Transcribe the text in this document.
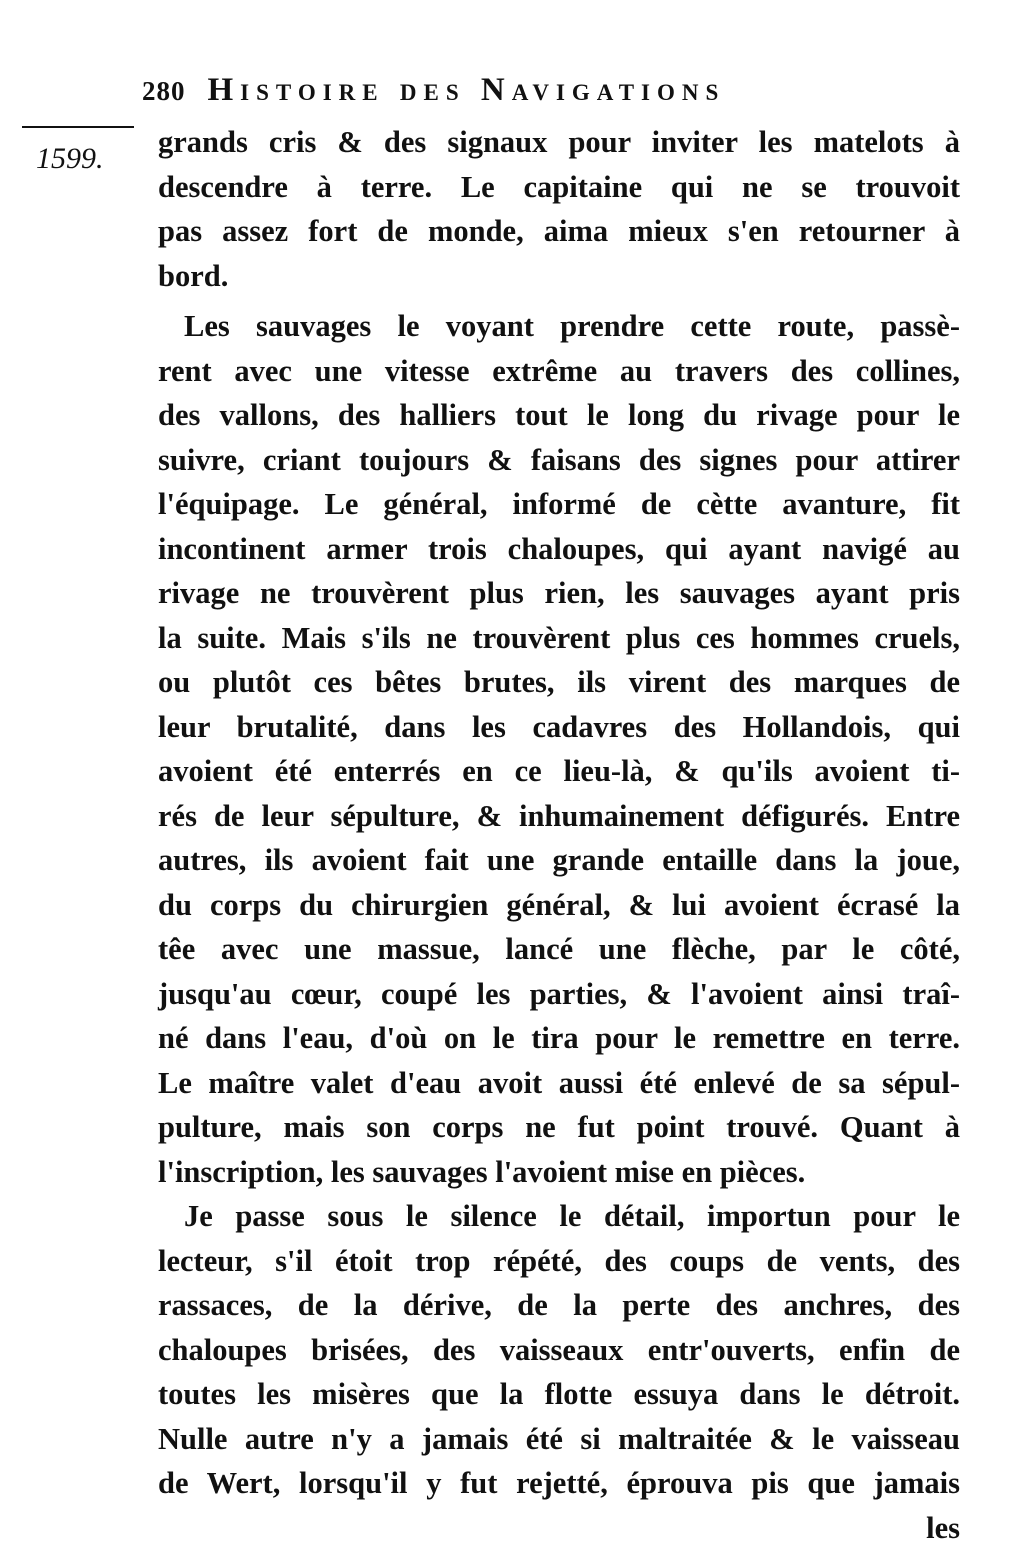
280 Histoire des Navigations
1599. grands cris & des signaux pour inviter les matelots à
descendre à terre. Le capitaine qui ne se trouvoit
pas assez fort de monde, aima mieux s'en retourner à
bord.
Les sauvages le voyant prendre cette route, passè-
rent avec une vitesse extrême au travers des collines,
des vallons, des halliers tout le long du rivage pour le
suivre, criant toujours & faisans des signes pour attirer
l'équipage. Le général, informé de cètte avanture, fit
incontinent armer trois chaloupes, qui ayant navigé au
rivage ne trouvèrent plus rien, les sauvages ayant pris
la suite. Mais s'ils ne trouvèrent plus ces hommes cruels,
ou plutôt ces bêtes brutes, ils virent des marques de
leur brutalité, dans les cadavres des Hollandois, qui
avoient été enterrés en ce lieu-là, & qu'ils avoient ti-
rés de leur sépulture, & inhumainement défigurés. Entre
autres, ils avoient fait une grande entaille dans la joue,
du corps du chirurgien général, & lui avoient écrasé la
têe avec une massue, lancé une flèche, par le côté,
jusqu'au cœur, coupé les parties, & l'avoient ainsi traî-
né dans l'eau, d'où on le tira pour le remettre en terre.
Le maître valet d'eau avoit aussi été enlevé de sa sépul-
pulture, mais son corps ne fut point trouvé. Quant à
l'inscription, les sauvages l'avoient mise en pièces.
Je passe sous le silence le détail, importun pour le
lecteur, s'il étoit trop répété, des coups de vents, des
rassaces, de la dérive, de la perte des anchres, des
chaloupes brisées, des vaisseaux entr'ouverts, enfin de
toutes les misères que la flotte essuya dans le détroit.
Nulle autre n'y a jamais été si maltraitée & le vaisseau
de Wert, lorsqu'il y fut rejetté, éprouva pis que jamais
les
